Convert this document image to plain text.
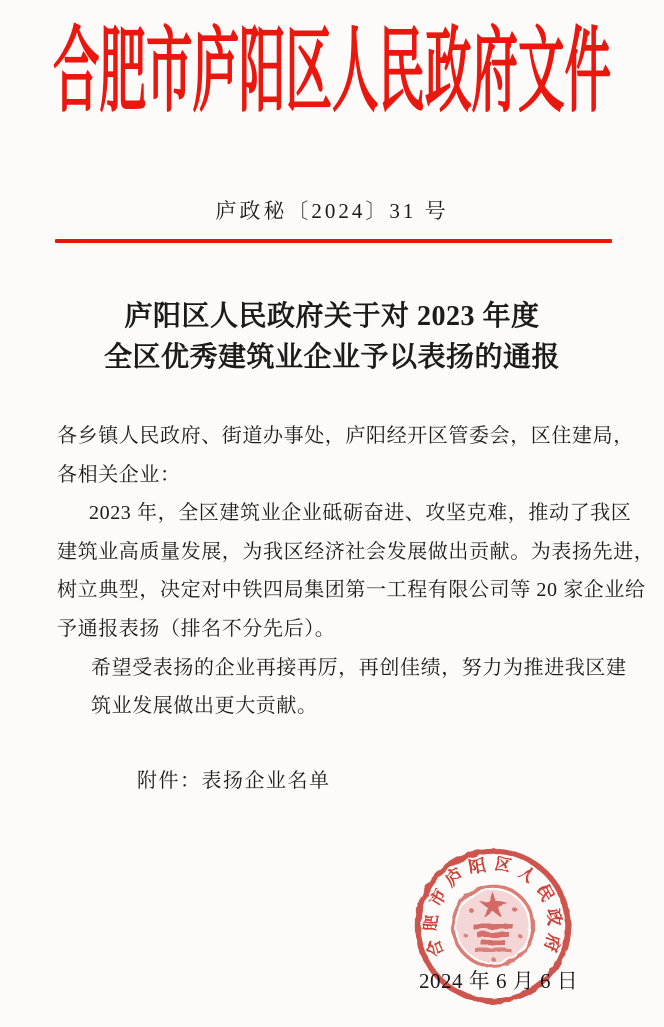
合肥市庐阳区人民政府文件
庐政秘〔2024〕31 号
庐阳区人民政府关于对 2023 年度
全区优秀建筑业企业予以表扬的通报
各乡镇人民政府、街道办事处，庐阳经开区管委会，区住建局，
各相关企业：
2023 年，全区建筑业企业砥砺奋进、攻坚克难，推动了我区
建筑业高质量发展，为我区经济社会发展做出贡献。为表扬先进，
树立典型，决定对中铁四局集团第一工程有限公司等 20 家企业给
予通报表扬（排名不分先后）。
希望受表扬的企业再接再厉，再创佳绩，努力为推进我区建
筑业发展做出更大贡献。
附件：表扬企业名单
2024 年 6 月 6 日
合肥市庐阳区人民政府
